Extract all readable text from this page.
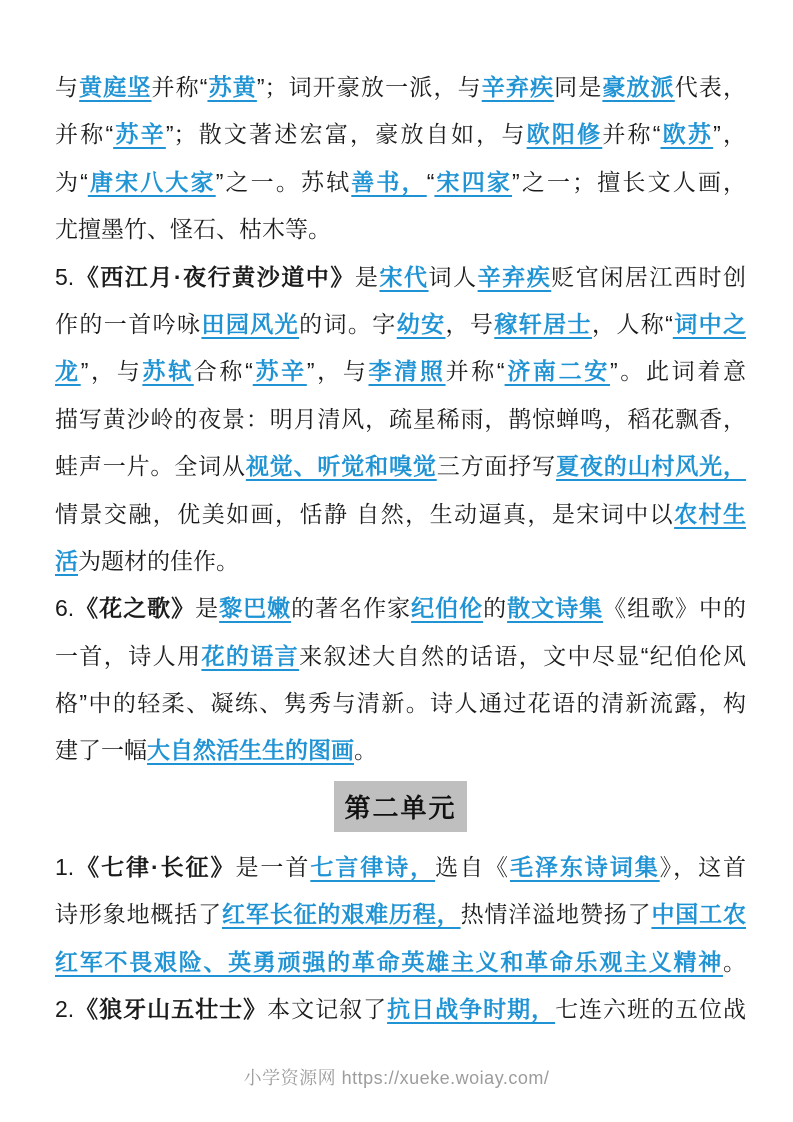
与黄庭坚并称“苏黄”；词开豪放一派，与辛弃疾同是豪放派代表，
并称“苏辛”；散文著述宏富，豪放自如，与欧阳修并称“欧苏”，
为“唐宋八大家”之一。苏轼善书，“宋四家”之一；擅长文人画，
尤擅墨竹、怪石、枯木等。
5.《西江月·夜行黄沙道中》是宋代词人辛弃疾贬官闲居江西时创
作的一首吟咏田园风光的词。字幼安，号稼轩居士，人称“词中之
龙”，与苏轼合称“苏辛”，与李清照并称“济南二安”。此词着意
描写黄沙岭的夜景：明月清风，疏星稀雨，鹊惊蝉鸣，稻花飘香，
蛙声一片。全词从视觉、听觉和嗅觉三方面抒写夏夜的山村风光，
情景交融，优美如画，恬静 自然，生动逼真，是宋词中以农村生
活为题材的佳作。
6.《花之歌》是黎巴嫩的著名作家纪伯伦的散文诗集《组歌》中的
一首，诗人用花的语言来叙述大自然的话语，文中尽显“纪伯伦风
格”中的轻柔、凝练、隽秀与清新。诗人通过花语的清新流露，构
建了一幅大自然活生生的图画。
第二单元
1.《七律·长征》是一首七言律诗，选自《毛泽东诗词集》，这首
诗形象地概括了红军长征的艰难历程，热情洋溢地赞扬了中国工农
红军不畏艰险、英勇顽强的革命英雄主义和革命乐观主义精神。
2.《狼牙山五壮士》本文记叙了抗日战争时期，七连六班的五位战
小学资源网 https://xueke.woiay.com/
